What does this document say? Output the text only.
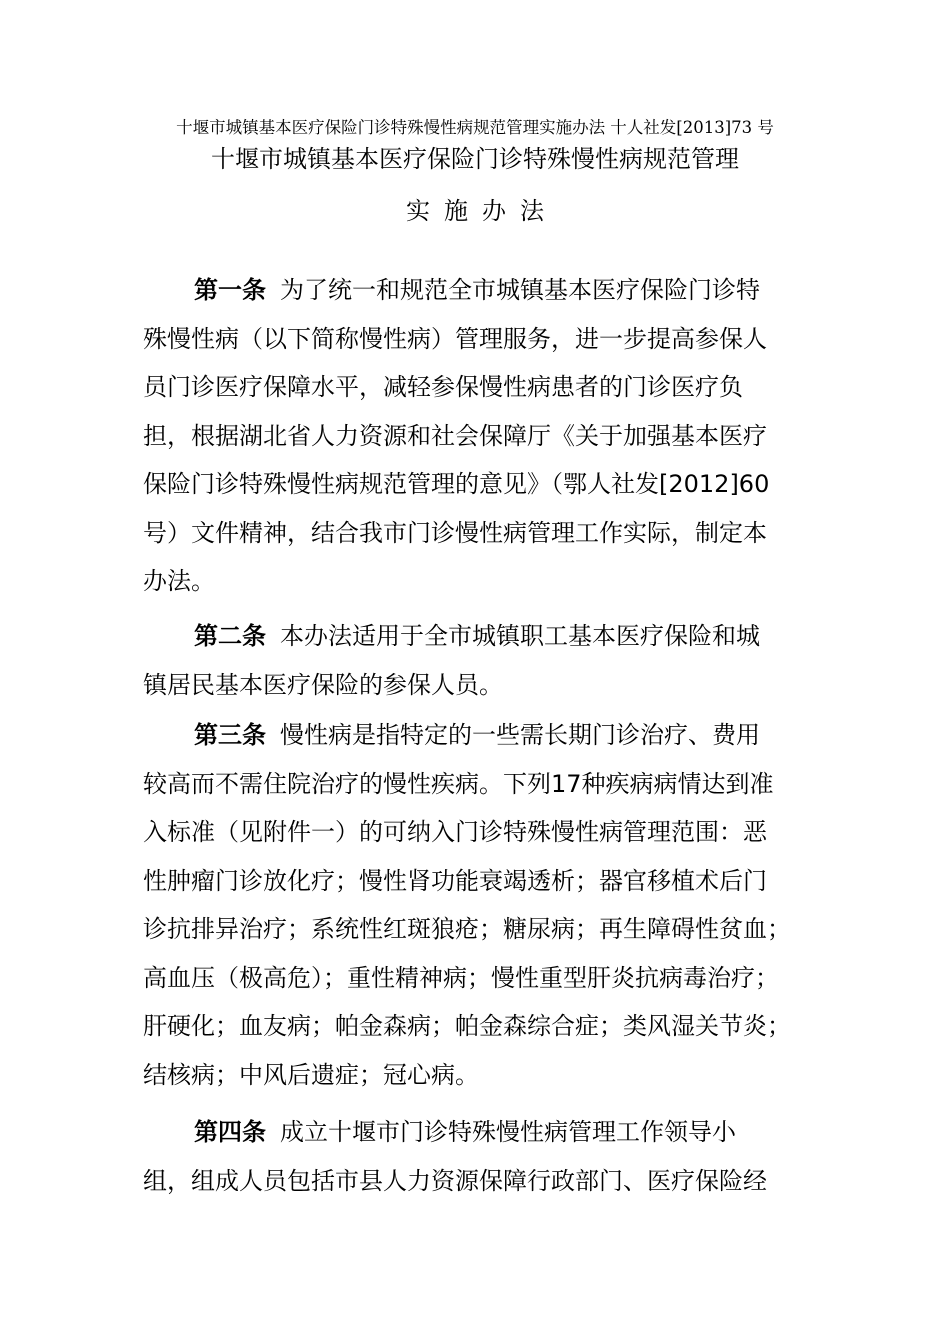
十堰市城镇基本医疗保险门诊特殊慢性病规范管理实施办法 十人社发[2013]73 号
十堰市城镇基本医疗保险门诊特殊慢性病规范管理
实施办法
第一条 为了统一和规范全市城镇基本医疗保险门诊特
殊慢性病（以下简称慢性病）管理服务，进一步提高参保人
员门诊医疗保障水平，减轻参保慢性病患者的门诊医疗负
担，根据湖北省人力资源和社会保障厅《关于加强基本医疗
保险门诊特殊慢性病规范管理的意见》（鄂人社发[2012]60
号）文件精神，结合我市门诊慢性病管理工作实际，制定本
办法。
第二条 本办法适用于全市城镇职工基本医疗保险和城
镇居民基本医疗保险的参保人员。
第三条 慢性病是指特定的一些需长期门诊治疗、费用
较高而不需住院治疗的慢性疾病。下列17种疾病病情达到准
入标准（见附件一）的可纳入门诊特殊慢性病管理范围：恶
性肿瘤门诊放化疗；慢性肾功能衰竭透析；器官移植术后门
诊抗排异治疗；系统性红斑狼疮；糖尿病；再生障碍性贫血；
高血压（极高危）；重性精神病；慢性重型肝炎抗病毒治疗；
肝硬化；血友病；帕金森病；帕金森综合症；类风湿关节炎；
结核病；中风后遗症；冠心病。
第四条 成立十堰市门诊特殊慢性病管理工作领导小
组，组成人员包括市县人力资源保障行政部门、医疗保险经
